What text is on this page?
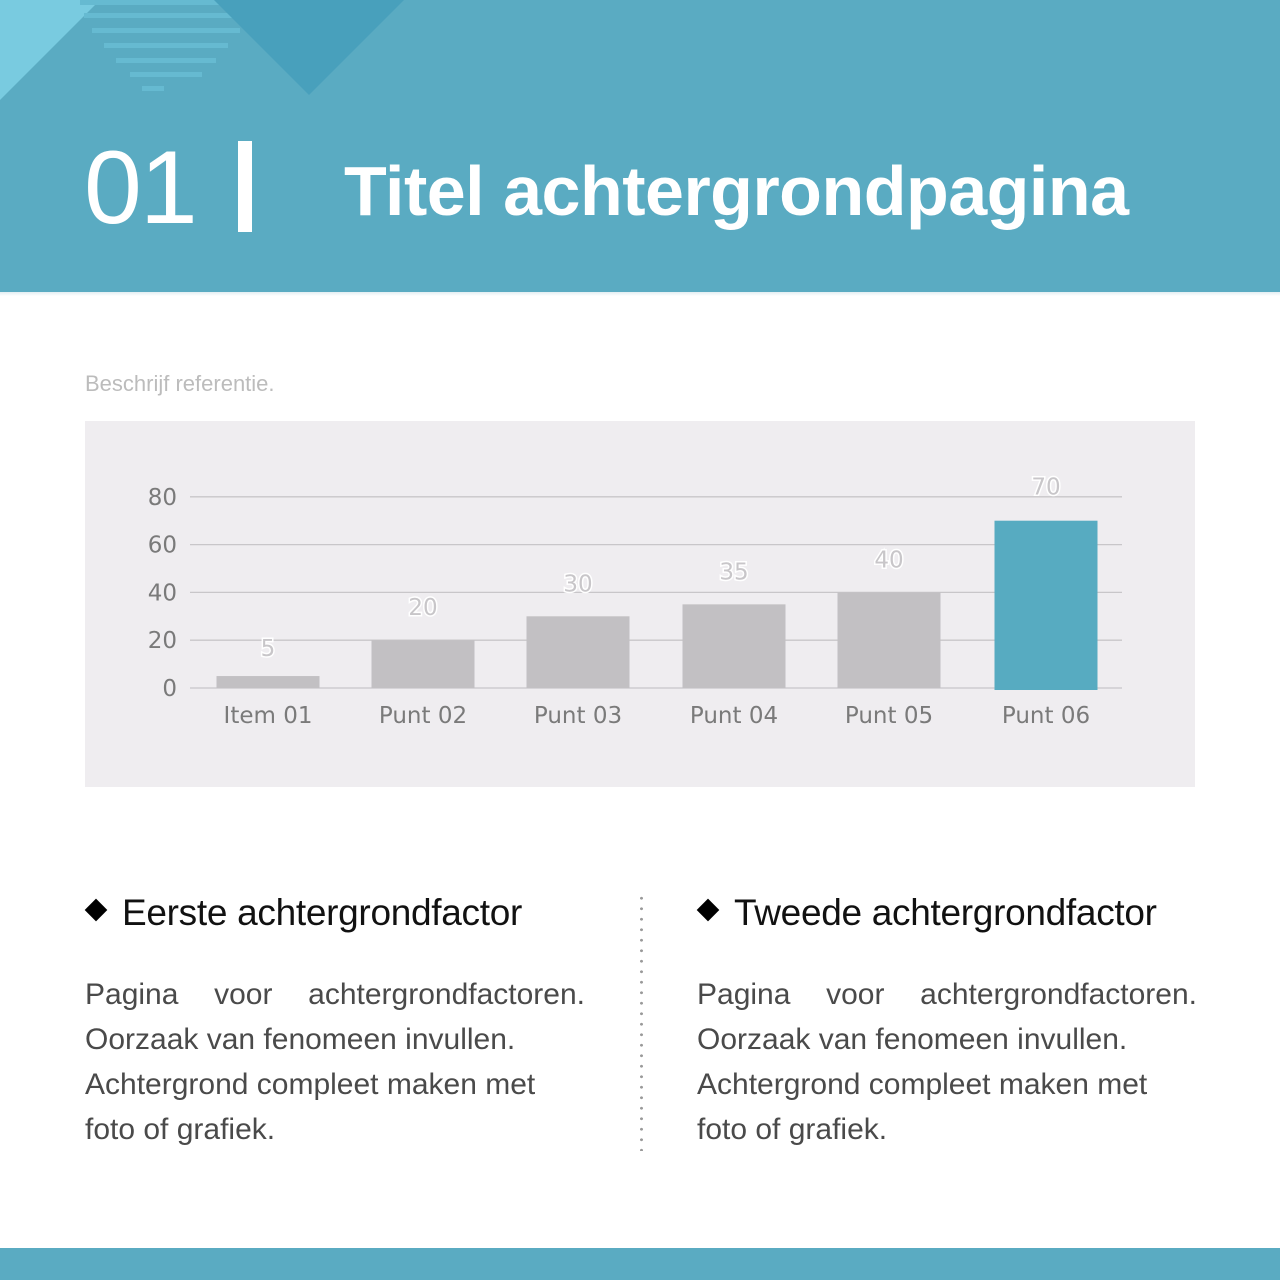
01 Titel achtergrondpagina
Beschrijf referentie.
0
20
40
60
80
5
Item 01
20
Punt 02
30
Punt 03
35
Punt 04
40
Punt 05
70
Punt 06
Eerste achtergrondfactor
Pagina voor achtergrondfactoren.
Oorzaak van fenomeen invullen.
Achtergrond compleet maken met
foto of grafiek.
Tweede achtergrondfactor
Pagina voor achtergrondfactoren.
Oorzaak van fenomeen invullen.
Achtergrond compleet maken met
foto of grafiek.
